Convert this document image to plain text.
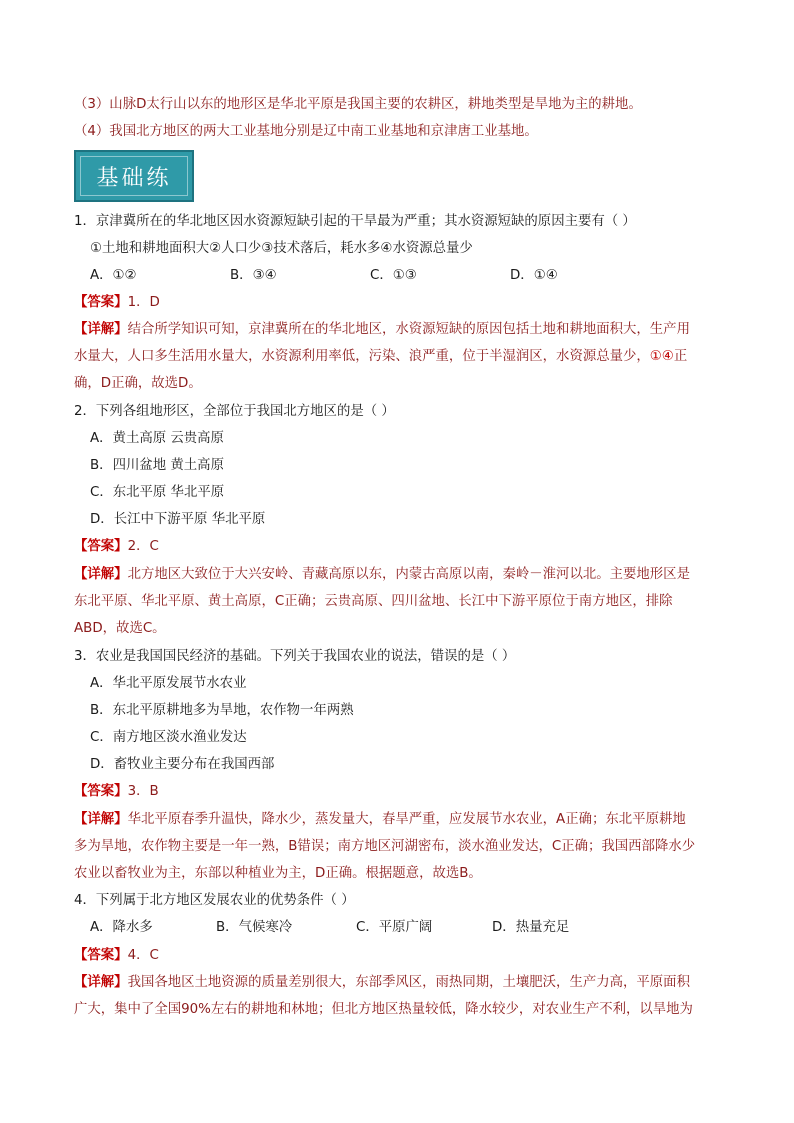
（3）山脉D太行山以东的地形区是华北平原是我国主要的农耕区，耕地类型是旱地为主的耕地。
（4）我国北方地区的两大工业基地分别是辽中南工业基地和京津唐工业基地。
基础练
1．京津冀所在的华北地区因水资源短缺引起的干旱最为严重；其水资源短缺的原因主要有（ ）
①土地和耕地面积大②人口少③技术落后，耗水多④水资源总量少
A．①②	B．③④	C．①③	D．①④
【答案】1．D
【详解】结合所学知识可知，京津冀所在的华北地区，水资源短缺的原因包括土地和耕地面积大，生产用
水量大，人口多生活用水量大，水资源利用率低，污染、浪严重，位于半湿润区，水资源总量少，①④正
确，D正确，故选D。
2．下列各组地形区，全部位于我国北方地区的是（ ）
A．黄土高原 云贵高原
B．四川盆地 黄土高原
C．东北平原 华北平原
D．长江中下游平原 华北平原
【答案】2．C
【详解】北方地区大致位于大兴安岭、青藏高原以东，内蒙古高原以南，秦岭－淮河以北。主要地形区是
东北平原、华北平原、黄土高原，C正确；云贵高原、四川盆地、长江中下游平原位于南方地区，排除
ABD，故选C。
3．农业是我国国民经济的基础。下列关于我国农业的说法，错误的是（ ）
A．华北平原发展节水农业
B．东北平原耕地多为旱地，农作物一年两熟
C．南方地区淡水渔业发达
D．畜牧业主要分布在我国西部
【答案】3．B
【详解】华北平原春季升温快，降水少，蒸发量大，春旱严重，应发展节水农业，A正确；东北平原耕地
多为旱地，农作物主要是一年一熟，B错误；南方地区河湖密布，淡水渔业发达，C正确；我国西部降水少
农业以畜牧业为主，东部以种植业为主，D正确。根据题意，故选B。
4．下列属于北方地区发展农业的优势条件（ ）
A．降水多	B．气候寒冷	C．平原广阔	D．热量充足
【答案】4．C
【详解】我国各地区土地资源的质量差别很大，东部季风区，雨热同期，土壤肥沃，生产力高，平原面积
广大，集中了全国90%左右的耕地和林地；但北方地区热量较低，降水较少，对农业生产不利，以旱地为
